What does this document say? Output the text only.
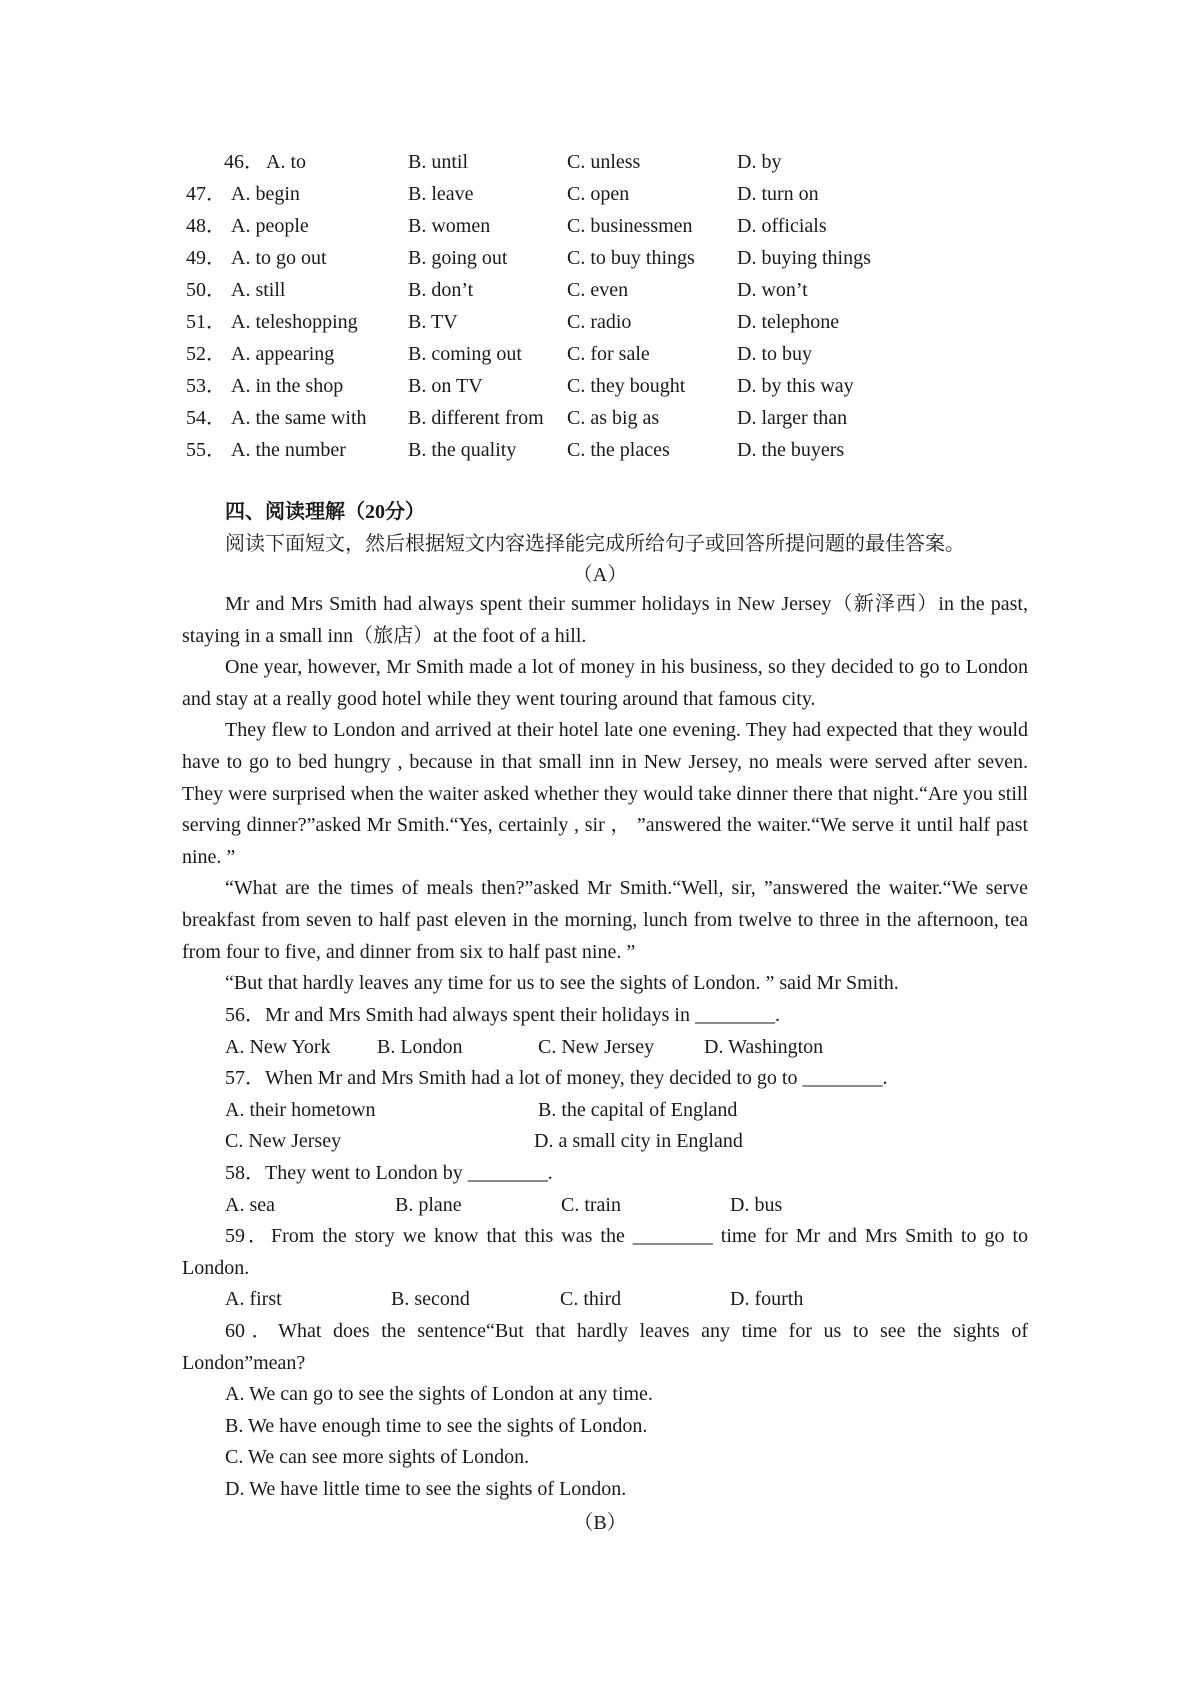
46． A. to	B. until	C. unless	D. by
47． A. begin	B. leave	C. open	D. turn on
48． A. people	B. women	C. businessmen D. officials
49． A. to go out	B. going out	C. to buy things D. buying things
50． A. still	B. don’t	C. even	D. won’t
51． A. teleshopping	B. TV	C. radio	D. telephone
52． A. appearing	B. coming out C. for sale	D. to buy
53． A. in the shop	B. on TV	C. they bought	D. by this way
54． A. the same with B. different from C. as big as	D. larger than
55． A. the number	B. the quality	C. the places	D. the buyers
四、阅读理解（20分）
阅读下面短文，然后根据短文内容选择能完成所给句子或回答所提问题的最佳答案。
（A）

Mr and Mrs Smith had always spent their summer holidays in New Jersey（新泽西）in the past, staying in a small inn（旅店）at the foot of a hill.

One year, however, Mr Smith made a lot of money in his business, so they decided to go to London and stay at a really good hotel while they went touring around that famous city.

They flew to London and arrived at their hotel late one evening. They had expected that they would have to go to bed hungry , because in that small inn in New Jersey, no meals were served after seven. They were surprised when the waiter asked whether they would take dinner there that night.“Are you still serving dinner?”asked Mr Smith.“Yes, certainly , sir ， ”answered the waiter.“We serve it until half past nine. ”

“What are the times of meals then?”asked Mr Smith.“Well, sir, ”answered the waiter.“We serve breakfast from seven to half past eleven in the morning, lunch from twelve to three in the afternoon, tea from four to five, and dinner from six to half past nine. ”

“But that hardly leaves any time for us to see the sights of London. ” said Mr Smith.

56．Mr and Mrs Smith had always spent their holidays in ________.

A. New York B. London	C. New Jersey D. Washington

57．When Mr and Mrs Smith had a lot of money, they decided to go to ________.

A. their hometown	B. the capital of England
C. New Jersey	D. a small city in England

58．They went to London by ________.

A. sea	B. plane	C. train	D. bus

59．From the story we know that this was the ________ time for Mr and Mrs Smith to go to London.

A. first	B. second	C. third	D. fourth

60．What does the sentence“But that hardly leaves any time for us to see the sights of London”mean?

A. We can go to see the sights of London at any time.

B. We have enough time to see the sights of London.

C. We can see more sights of London.

D. We have little time to see the sights of London.

（B）
